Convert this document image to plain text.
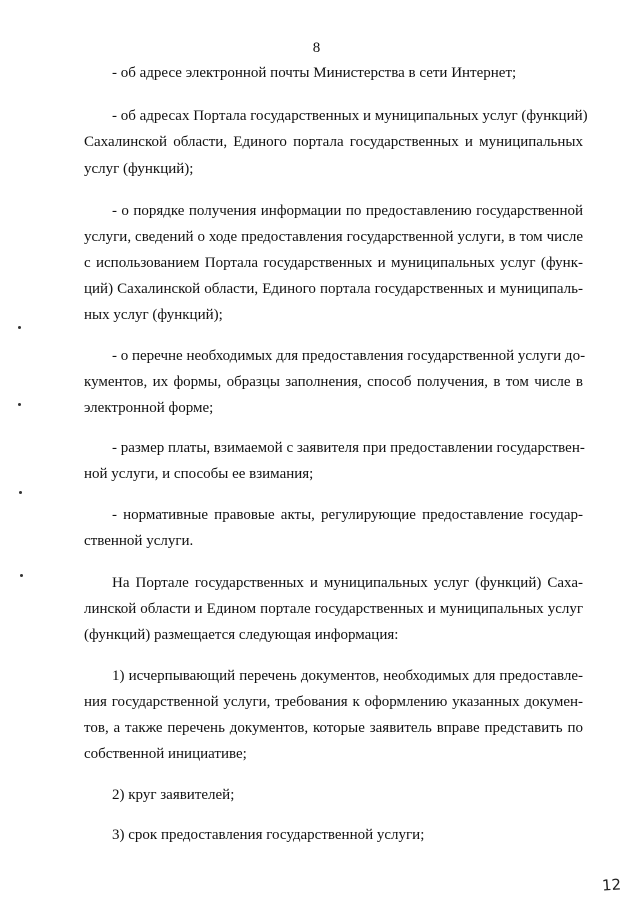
8
- об адресе электронной почты Министерства в сети Интернет;
- об адресах Портала государственных и муниципальных услуг (функций)
Сахалинской области, Единого портала государственных и муниципальных
услуг (функций);
- о порядке получения информации по предоставлению государственной
услуги, сведений о ходе предоставления государственной услуги, в том числе
с использованием Портала государственных и муниципальных услуг (функ-
ций) Сахалинской области, Единого портала государственных и муниципаль-
ных услуг (функций);
- о перечне необходимых для предоставления государственной услуги до-
кументов, их формы, образцы заполнения, способ получения, в том числе в
электронной форме;
- размер платы, взимаемой с заявителя при предоставлении государствен-
ной услуги, и способы ее взимания;
- нормативные правовые акты, регулирующие предоставление государ-
ственной услуги.
На Портале государственных и муниципальных услуг (функций) Саха-
линской области и Едином портале государственных и муниципальных услуг
(функций) размещается следующая информация:
1) исчерпывающий перечень документов, необходимых для предоставле-
ния государственной услуги, требования к оформлению указанных докумен-
тов, а также перечень документов, которые заявитель вправе представить по
собственной инициативе;
2) круг заявителей;
3) срок предоставления государственной услуги;
12
